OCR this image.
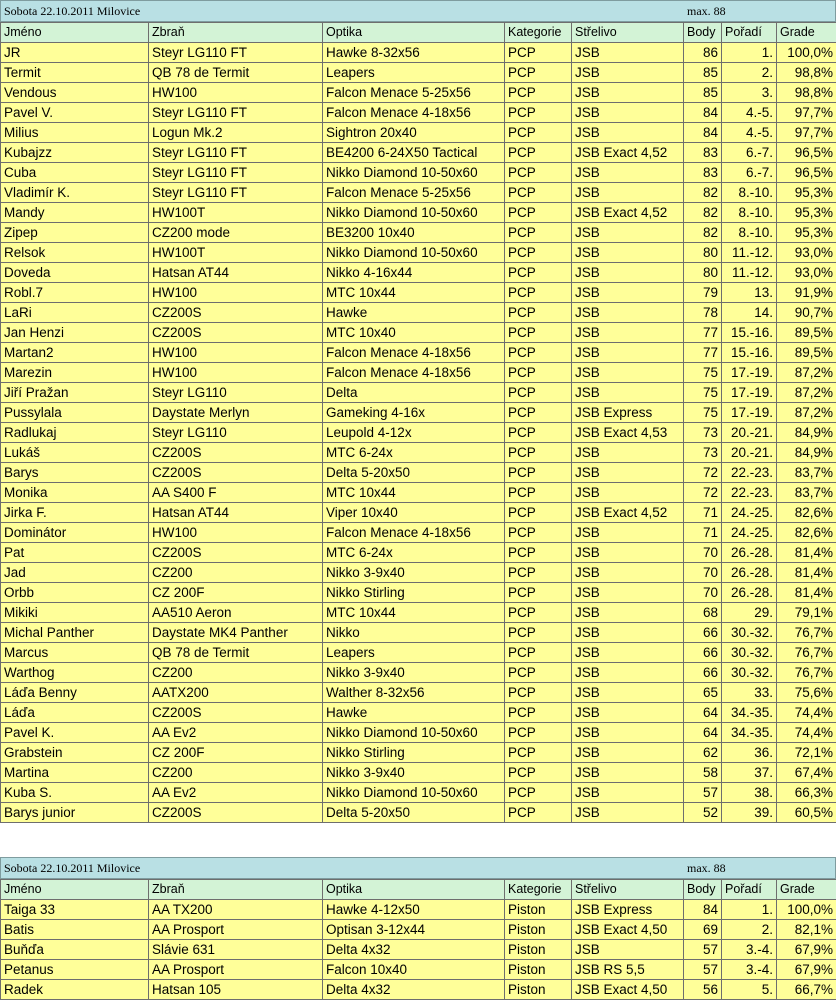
Sobota 22.10.2011 Milovice	max. 88
Jméno	Zbraň	Optika	Kategorie	Střelivo	Body	Pořadí	Grade
JR	Steyr LG110 FT	Hawke 8-32x56	PCP	JSB	86	1.	100,0%
Termit	QB 78 de Termit	Leapers	PCP	JSB	85	2.	98,8%
Vendous	HW100	Falcon Menace 5-25x56	PCP	JSB	85	3.	98,8%
Pavel V.	Steyr LG110 FT	Falcon Menace 4-18x56	PCP	JSB	84	4.-5.	97,7%
Milius	Logun Mk.2	Sightron 20x40	PCP	JSB	84	4.-5.	97,7%
Kubajzz	Steyr LG110 FT	BE4200 6-24X50 Tactical	PCP	JSB Exact 4,52	83	6.-7.	96,5%
Cuba	Steyr LG110 FT	Nikko Diamond 10-50x60	PCP	JSB	83	6.-7.	96,5%
Vladimír K.	Steyr LG110 FT	Falcon Menace 5-25x56	PCP	JSB	82	8.-10.	95,3%
Mandy	HW100T	Nikko Diamond 10-50x60	PCP	JSB Exact 4,52	82	8.-10.	95,3%
Zipep	CZ200 mode	BE3200 10x40	PCP	JSB	82	8.-10.	95,3%
Relsok	HW100T	Nikko Diamond 10-50x60	PCP	JSB	80	11.-12.	93,0%
Doveda	Hatsan AT44	Nikko 4-16x44	PCP	JSB	80	11.-12.	93,0%
Robl.7	HW100	MTC 10x44	PCP	JSB	79	13.	91,9%
LaRi	CZ200S	Hawke	PCP	JSB	78	14.	90,7%
Jan Henzi	CZ200S	MTC 10x40	PCP	JSB	77	15.-16.	89,5%
Martan2	HW100	Falcon Menace 4-18x56	PCP	JSB	77	15.-16.	89,5%
Marezin	HW100	Falcon Menace 4-18x56	PCP	JSB	75	17.-19.	87,2%
Jiří Pražan	Steyr LG110	Delta	PCP	JSB	75	17.-19.	87,2%
Pussylala	Daystate Merlyn	Gameking 4-16x	PCP	JSB Express	75	17.-19.	87,2%
Radlukaj	Steyr LG110	Leupold 4-12x	PCP	JSB Exact 4,53	73	20.-21.	84,9%
Lukáš	CZ200S	MTC 6-24x	PCP	JSB	73	20.-21.	84,9%
Barys	CZ200S	Delta 5-20x50	PCP	JSB	72	22.-23.	83,7%
Monika	AA S400 F	MTC 10x44	PCP	JSB	72	22.-23.	83,7%
Jirka F.	Hatsan AT44	Viper 10x40	PCP	JSB Exact 4,52	71	24.-25.	82,6%
Dominátor	HW100	Falcon Menace 4-18x56	PCP	JSB	71	24.-25.	82,6%
Pat	CZ200S	MTC 6-24x	PCP	JSB	70	26.-28.	81,4%
Jad	CZ200	Nikko 3-9x40	PCP	JSB	70	26.-28.	81,4%
Orbb	CZ 200F	Nikko Stirling	PCP	JSB	70	26.-28.	81,4%
Mikiki	AA510 Aeron	MTC 10x44	PCP	JSB	68	29.	79,1%
Michal Panther	Daystate MK4 Panther	Nikko	PCP	JSB	66	30.-32.	76,7%
Marcus	QB 78 de Termit	Leapers	PCP	JSB	66	30.-32.	76,7%
Warthog	CZ200	Nikko 3-9x40	PCP	JSB	66	30.-32.	76,7%
Láďa Benny	AATX200	Walther 8-32x56	PCP	JSB	65	33.	75,6%
Láďa	CZ200S	Hawke	PCP	JSB	64	34.-35.	74,4%
Pavel K.	AA Ev2	Nikko Diamond 10-50x60	PCP	JSB	64	34.-35.	74,4%
Grabstein	CZ 200F	Nikko Stirling	PCP	JSB	62	36.	72,1%
Martina	CZ200	Nikko 3-9x40	PCP	JSB	58	37.	67,4%
Kuba S.	AA Ev2	Nikko Diamond 10-50x60	PCP	JSB	57	38.	66,3%
Barys junior	CZ200S	Delta 5-20x50	PCP	JSB	52	39.	60,5%
Sobota 22.10.2011 Milovice	max. 88
Jméno	Zbraň	Optika	Kategorie	Střelivo	Body	Pořadí	Grade
Taiga 33	AA TX200	Hawke 4-12x50	Piston	JSB Express	84	1.	100,0%
Batis	AA Prosport	Optisan 3-12x44	Piston	JSB Exact 4,50	69	2.	82,1%
Buňďa	Slávie 631	Delta 4x32	Piston	JSB	57	3.-4.	67,9%
Petanus	AA Prosport	Falcon 10x40	Piston	JSB RS 5,5	57	3.-4.	67,9%
Radek	Hatsan 105	Delta 4x32	Piston	JSB Exact 4,50	56	5.	66,7%
